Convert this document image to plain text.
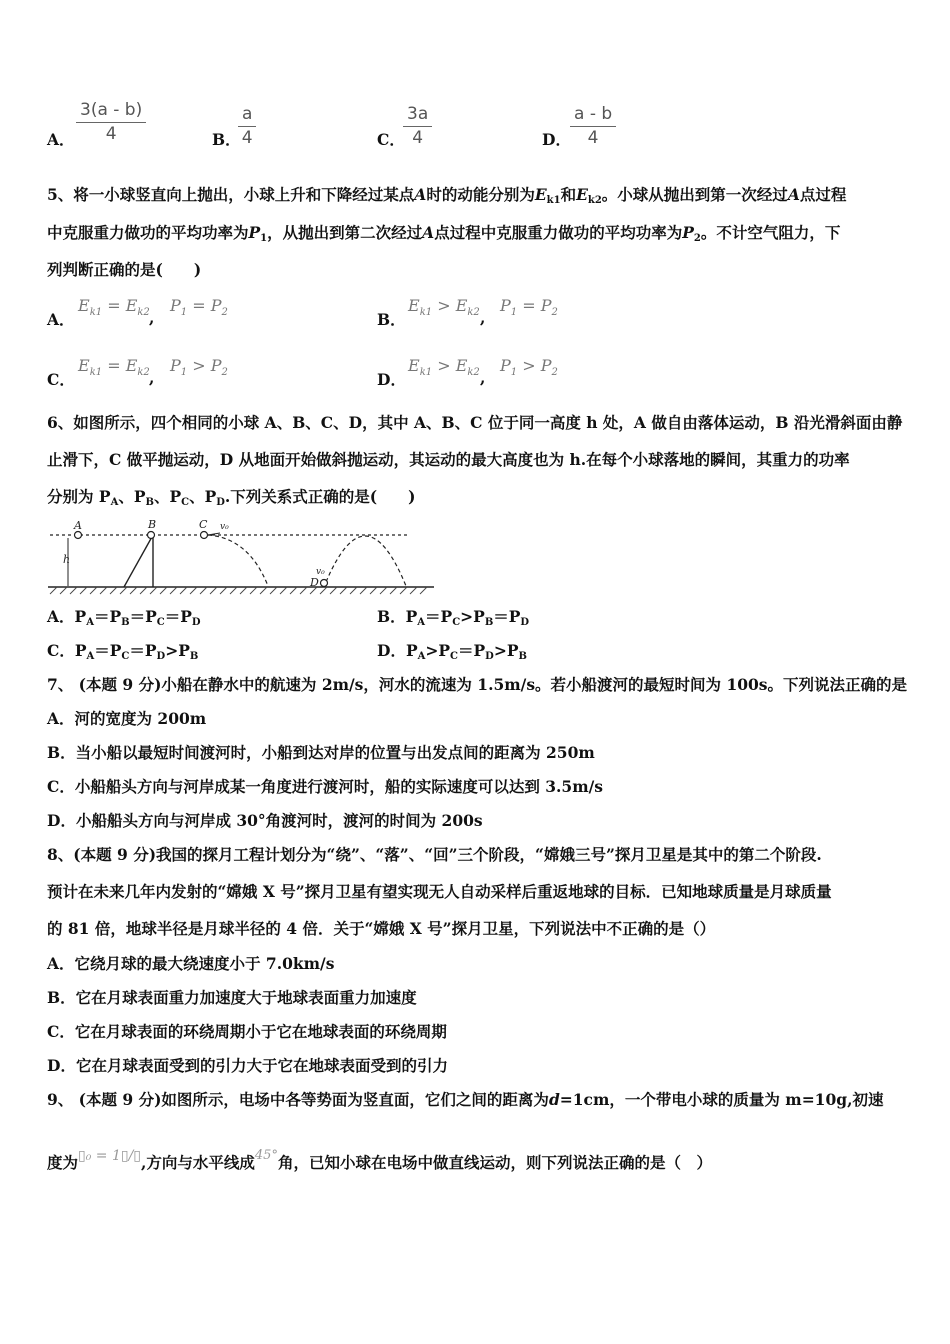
A．
3(a - b)
4	B．
a
4	C．
3a
4	D．
a - b
4
5、将一小球竖直向上抛出，小球上升和下降经过某点A时的动能分别为$E_{k1}$和$E_{k2}$。小球从抛出到第一次经过A点过程
中克服重力做功的平均功率为$P_1$，从抛出到第二次经过A点过程中克服重力做功的平均功率为$P_2$。不计空气阻力，下
列判断正确的是(　　)
A．
$E_{k1} = E_{k2}$ ,
$P_1 = P_2$	B．
$E_{k1} > E_{k2}$ ,
$P_1 = P_2$
C．
$E_{k1} = E_{k2}$ ,
$P_1 > P_2$	D．
$E_{k1} > E_{k2}$ ,
$P_1 > P_2$
6、如图所示，四个相同的小球 A、B、C、D，其中 A、B、C 位于同一高度 h 处，A 做自由落体运动，B 沿光滑斜面由静
止滑下，C 做平抛运动，D 从地面开始做斜抛运动，其运动的最大高度也为 h.在每个小球落地的瞬间，其重力的功率
分别为 $P_A$、$P_B$、$P_C$、$P_D$.下列关系式正确的是(　　)
h
A	B	C v₀
D
v₀
A．$P_A=P_B=P_C=P_D$	B．$P_A=P_C>P_B=P_D$
C．$P_A=P_C=P_D>P_B$	D．$P_A>P_C=P_D>P_B$
7、 (本题 9 分)小船在静水中的航速为 2m/s，河水的流速为 1.5m/s。若小船渡河的最短时间为 100s。下列说法正确的是
A．河的宽度为 200m
B．当小船以最短时间渡河时，小船到达对岸的位置与出发点间的距离为 250m
C．小船船头方向与河岸成某一角度进行渡河时，船的实际速度可以达到 3.5m/s
D．小船船头方向与河岸成 30°角渡河时，渡河的时间为 200s
8、(本题 9 分)我国的探月工程计划分为“绕”、“落”、“回”三个阶段，“嫦娥三号”探月卫星是其中的第二个阶段.
预计在未来几年内发射的“嫦娥 X 号”探月卫星有望实现无人自动采样后重返地球的目标．已知地球质量是月球质量
的 81 倍，地球半径是月球半径的 4 倍．关于“嫦娥 X 号”探月卫星，下列说法中不正确的是（）
A．它绕月球的最大绕速度小于 7.0km/s
B．它在月球表面重力加速度大于地球表面重力加速度
C．它在月球表面的环绕周期小于它在地球表面的环绕周期
D．它在月球表面受到的引力大于它在地球表面受到的引力
9、 (本题 9 分)如图所示，电场中各等势面为竖直面，它们之间的距离为d=1cm，一个带电小球的质量为 m=10g,初速
度为▯₀ = 1▯/▯,方向与水平线成$^{45^\circ}$角，已知小球在电场中做直线运动，则下列说法正确的是（　）
